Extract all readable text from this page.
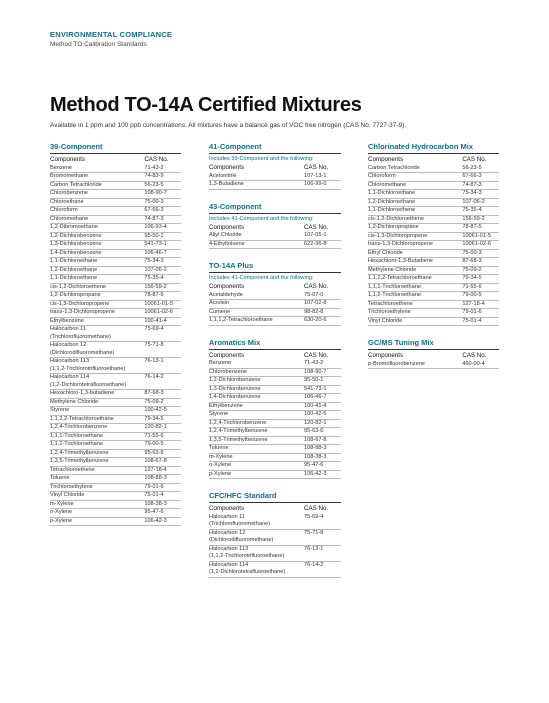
ENVIRONMENTAL COMPLIANCE
Method TO Calibration Standards
Method TO-14A Certified Mixtures
Available in 1 ppm and 100 ppb concentrations. All mixtures have a balance gas of VOC free nitrogen (CAS No. 7727-37-9).
39-Component
Components	CAS No.
Benzene	71-43-2
Bromomethane	74-83-9
Carbon Tetrachloride	56-23-5
Chlorobenzene	108-90-7
Chloroethane	75-00-3
Chloroform	67-66-3
Chloromethane	74-87-3
1,2-Dibromoethane	106-93-4
1,2-Dichlorobenzene	95-50-1
1,3-Dichlorobenzene	541-73-1
1,4-Dichlorobenzene	106-46-7
1,1-Dichloroethane	75-34-3
1,2-Dichloroethane	107-06-2
1,1-Dichloroethene	75-35-4
cis-1,2-Dichloroethene	156-59-2
1,2-Dichloropropane	78-87-5
cis-1,3-Dichloropropene	10061-01-5
trans-1,3-Dichloropropene	10061-02-6
Ethylbenzene	100-41-4

Halocarbon 11
(Trichlorofluoromethane)	75-69-4

Halocarbon 12
(Dichlorodifluoromethane)	75-71-8

Halocarbon 113
(1,1,2-Trichlorotrifluoroethane)	76-13-1

Halocarbon 114
(1,2-Dichlorotetrafluoroethane)	76-14-2
Hexachloro-1,3-butadiene	87-68-3
Methylene Chloride	75-09-2
Styrene	100-42-5
1,1,2,2-Tetrachloroethane	79-34-5
1,2,4-Trichlorobenzene	120-82-1
1,1,1-Trichloroethane	71-55-6
1,1,2-Trichloroethane	79-00-5
1,2,4-Trimethylbenzene	95-63-6
1,3,5-Trimethylbenzene	108-67-8
Tetrachloroethene	127-18-4
Toluene	108-88-3
Trichloroethylene	79-01-6
Vinyl Chloride	75-01-4
m-Xylene	108-38-3
o-Xylene	95-47-6
p-Xylene	106-42-3
41-Component
Includes 39-Component and the following:
Components	CAS No.
Acetonitrile	107-13-1
1,3-Butadiene	106-99-0
43-Component
Includes 41-Component and the following:
Components	CAS No.
Allyl Chloride	107-05-1
4-Ethyltoluene	622-96-8
TO-14A Plus
Includes 41-Component and the following:
Components	CAS No.
Acetaldehyde	75-07-0
Acrolein	107-02-8
Cumene	98-82-8
1,1,1,2-Tetrachloroethane	630-20-6
Aromatics Mix
Components	CAS No.
Benzene	71-43-2
Chlorobenzene	108-90-7
1,2-Dichlorobenzene	95-50-1
1,3-Dichlorobenzene	541-73-1
1,4-Dichlorobenzene	106-46-7
Ethylbenzene	100-41-4
Styrene	100-42-5
1,2,4-Trichlorobenzene	120-82-1
1,2,4-Trimethylbenzene	95-63-6
1,3,5-Trimethylbenzene	108-67-8
Toluene	108-88-3
m-Xylene	108-38-3
o-Xylene	95-47-6
p-Xylene	106-42-3
CFC/HFC Standard
Components	CAS No.

Halocarbon 11
(Trichlorofluoromethane)	75-69-4

Halocarbon 12
(Dichlorodifluoromethane)	75-71-8

Halocarbon 113
(1,1,2-Trichlorotrifluoroethane)	76-13-1

Halocarbon 114
(1,2-Dichlorotetrafluoroethane)	76-14-2
Chlorinated Hydrocarbon Mix
Components	CAS No.
Carbon Tetrachloride	56-23-5
Chloroform	67-66-3
Chloromethane	74-87-3
1,1-Dichloroethane	75-34-3
1,2-Dichloroethane	107-06-2
1,1-Dichloroethene	75-35-4
cis-1,2-Dichloroethene	156-59-2
1,2-Dichloropropane	78-87-5
cis-1,3-Dichloropropene	10061-01-5
trans-1,3-Dichloropropene	10061-02-6
Ethyl Chloride	75-00-3
Hexachloro-1,3-Butadiene	87-68-3
Methylene Chloride	75-09-2
1,1,2,2-Tetrachloroethane	79-34-5
1,1,1-Trichloroethane	71-55-6
1,1,2-Trichloroethane	79-00-5
Tetrachloroethene	127-18-4
Trichloroethylene	79-01-6
Vinyl Chloride	75-01-4
GC/MS Tuning Mix
Components	CAS No.
p-Bromofluorobenzene	460-00-4
